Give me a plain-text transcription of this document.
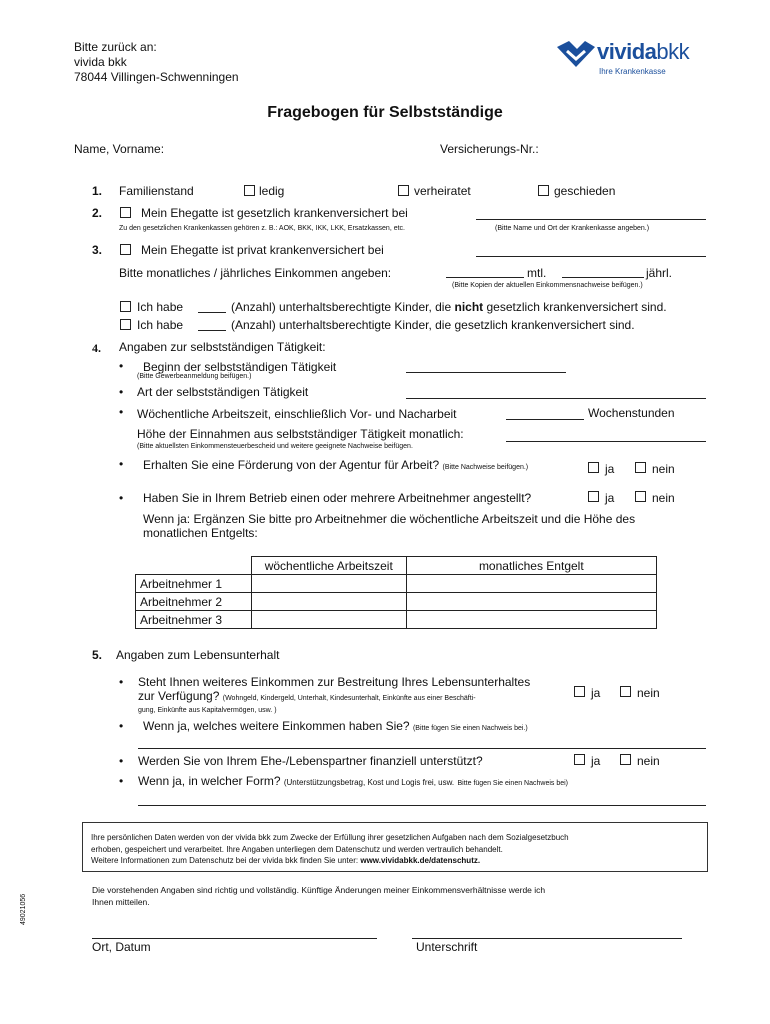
Bitte zurück an:
vivida bkk
78044 Villingen-Schwenningen
vividabkk
Ihre Krankenkasse
Fragebogen für Selbstständige
Name, Vorname:	Versicherungs-Nr.:
1. Familienstand	ledig	verheiratet	geschieden
2.	Mein Ehegatte ist gesetzlich krankenversichert bei
Zu den gesetzlichen Krankenkassen gehören z. B.: AOK, BKK, IKK, LKK, Ersatzkassen, etc.	(Bitte Name und Ort der Krankenkasse angeben.)
3.	Mein Ehegatte ist privat krankenversichert bei
Bitte monatliches / jährliches Einkommen angeben:	mtl.	jährl.
(Bitte Kopien der aktuellen Einkommensnachweise beifügen.)
Ich habe	(Anzahl) unterhaltsberechtigte Kinder, die nicht gesetzlich krankenversichert sind.
Ich habe	(Anzahl) unterhaltsberechtigte Kinder, die gesetzlich krankenversichert sind.
4. Angaben zur selbstständigen Tätigkeit:
• Beginn der selbstständigen Tätigkeit
(Bitte Gewerbeanmeldung beifügen.)
• Art der selbstständigen Tätigkeit
• Wöchentliche Arbeitszeit, einschließlich Vor- und Nacharbeit	Wochenstunden
Höhe der Einnahmen aus selbstständiger Tätigkeit monatlich:
(Bitte aktuellsten Einkommensteuerbescheid und weitere geeignete Nachweise beifügen.
• Erhalten Sie eine Förderung von der Agentur für Arbeit? (Bitte Nachweise beifügen.)	ja	nein
• Haben Sie in Ihrem Betrieb einen oder mehrere Arbeitnehmer angestellt?	ja	nein
Wenn ja: Ergänzen Sie bitte pro Arbeitnehmer die wöchentliche Arbeitszeit und die Höhe des
monatlichen Entgelts:
	wöchentliche Arbeitszeit	monatliches Entgelt
Arbeitnehmer 1		
Arbeitnehmer 2		
Arbeitnehmer 3		
5. Angaben zum Lebensunterhalt
• Steht Ihnen weiteres Einkommen zur Bestreitung Ihres Lebensunterhaltes
zur Verfügung? (Wohngeld, Kindergeld, Unterhalt, Kindesunterhalt, Einkünfte aus einer Beschäfti-
gung, Einkünfte aus Kapitalvermögen, usw. )
ja	nein
• Wenn ja, welches weitere Einkommen haben Sie? (Bitte fügen Sie einen Nachweis bei.)
• Werden Sie von Ihrem Ehe-/Lebenspartner finanziell unterstützt?	ja	nein
• Wenn ja, in welcher Form? (Unterstützungsbetrag, Kost und Logis frei, usw. Bitte fügen Sie einen Nachweis bei)
Ihre persönlichen Daten werden von der vivida bkk zum Zwecke der Erfüllung ihrer gesetzlichen Aufgaben nach dem Sozialgesetzbuch
erhoben, gespeichert und verarbeitet. Ihre Angaben unterliegen dem Datenschutz und werden vertraulich behandelt.
Weitere Informationen zum Datenschutz bei der vivida bkk finden Sie unter: www.vividabkk.de/datenschutz.
Die vorstehenden Angaben sind richtig und vollständig. Künftige Änderungen meiner Einkommensverhältnisse werde ich
Ihnen mitteilen.
49021056
Ort, Datum	Unterschrift
